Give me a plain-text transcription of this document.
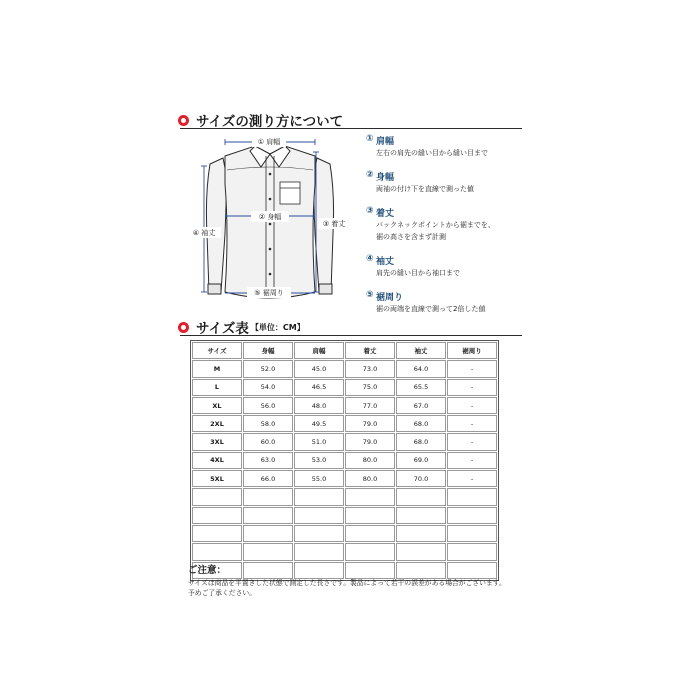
サイズの測り方について
① 肩幅
② 身幅
③ 着丈
④ 袖丈
⑤ 裾周り
① 肩幅
左右の肩先の縫い目から縫い目まで
② 身幅
両袖の付け下を直線で測った値
③ 着丈
バックネックポイントから裾までを、
裾の高さを含まず計測
④ 袖丈
肩先の縫い目から袖口まで
⑤ 裾周り
裾の両端を直線で測って2倍した値
サイズ表 【単位：CM】
サイズ	身幅	肩幅	着丈	袖丈	裾周り
M	52.0	45.0	73.0	64.0	-
L	54.0	46.5	75.0	65.5	-
XL	56.0	48.0	77.0	67.0	-
2XL	58.0	49.5	79.0	68.0	-
3XL	60.0	51.0	79.0	68.0	-
4XL	63.0	53.0	80.0	69.0	-
5XL	66.0	55.0	80.0	70.0	-

ご注意：
サイズは商品を平置きした状態で測定した長さです。製品によって若干の誤差がある場合がございます。
予めご了承ください。
